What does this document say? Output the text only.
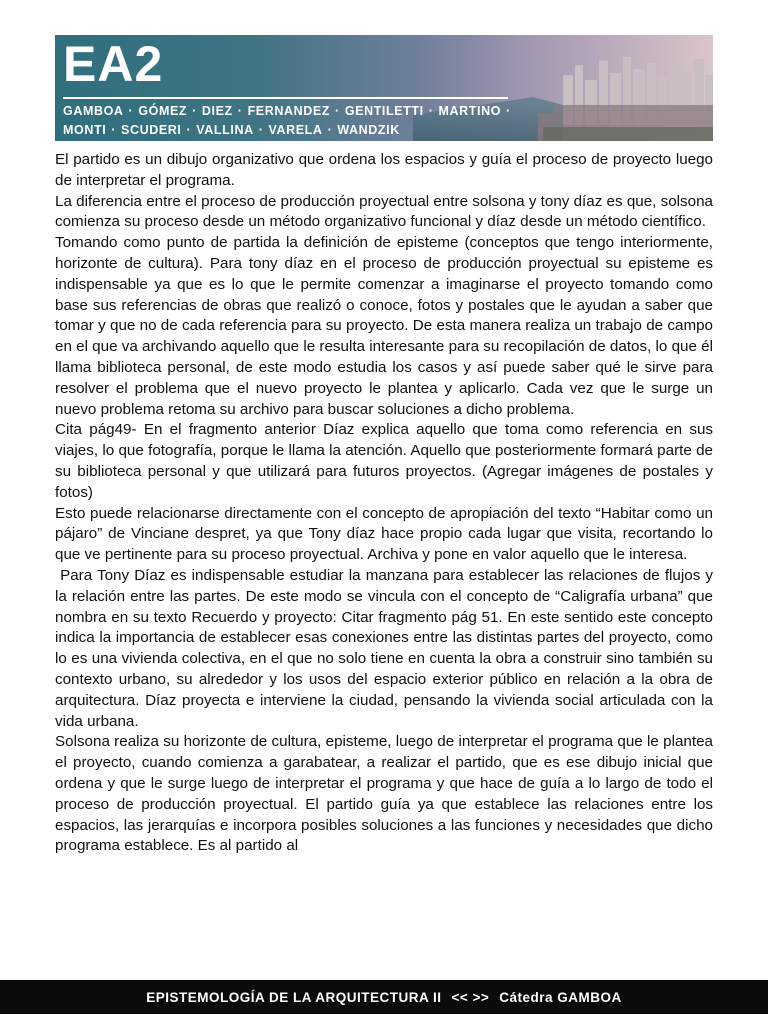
EA2
GAMBOA · GÓMEZ · DIEZ · FERNANDEZ · GENTILETTI · MARTINO ·
MONTI · SCUDERI · VALLINA · VARELA · WANDZIK

El partido es un dibujo organizativo que ordena los espacios y guía el proceso de proyecto luego de interpretar el programa.

La diferencia entre el proceso de producción proyectual entre solsona y tony díaz es que, solsona comienza su proceso desde un método organizativo funcional y díaz desde un método científico.

Tomando como punto de partida la definición de episteme (conceptos que tengo interiormente, horizonte de cultura). Para tony díaz en el proceso de producción proyectual su episteme es indispensable ya que es lo que le permite comenzar a imaginarse el proyecto tomando como base sus referencias de obras que realizó o conoce, fotos y postales que le ayudan a saber que tomar y que no de cada referencia para su proyecto. De esta manera realiza un trabajo de campo en el que va archivando aquello que le resulta interesante para su recopilación de datos, lo que él llama biblioteca personal, de este modo estudia los casos y así puede saber qué le sirve para resolver el problema que el nuevo proyecto le plantea y aplicarlo. Cada vez que le surge un nuevo problema retoma su archivo para buscar soluciones a dicho problema.

Cita pág49- En el fragmento anterior Díaz explica aquello que toma como referencia en sus viajes, lo que fotografía, porque le llama la atención. Aquello que posteriormente formará parte de su biblioteca personal y que utilizará para futuros proyectos. (Agregar imágenes de postales y fotos)

Esto puede relacionarse directamente con el concepto de apropiación del texto “Habitar como un pájaro” de Vinciane despret, ya que Tony díaz hace propio cada lugar que visita, recortando lo que ve pertinente para su proceso proyectual. Archiva y pone en valor aquello que le interesa.

Para Tony Díaz es indispensable estudiar la manzana para establecer las relaciones de flujos y la relación entre las partes. De este modo se vincula con el concepto de “Caligrafía urbana” que nombra en su texto Recuerdo y proyecto: Citar fragmento pág 51. En este sentido este concepto indica la importancia de establecer esas conexiones entre las distintas partes del proyecto, como lo es una vivienda colectiva, en el que no solo tiene en cuenta la obra a construir sino también su contexto urbano, su alrededor y los usos del espacio exterior público en relación a la obra de arquitectura. Díaz proyecta e interviene la ciudad, pensando la vivienda social articulada con la vida urbana.

Solsona realiza su horizonte de cultura, episteme, luego de interpretar el programa que le plantea el proyecto, cuando comienza a garabatear, a realizar el partido, que es ese dibujo inicial que ordena y que le surge luego de interpretar el programa y que hace de guía a lo largo de todo el proceso de producción proyectual. El partido guía ya que establece las relaciones entre los espacios, las jerarquías e incorpora posibles soluciones a las funciones y necesidades que dicho programa establece. Es al partido al

EPISTEMOLOGÍA DE LA ARQUITECTURA II << >> Cátedra GAMBOA
